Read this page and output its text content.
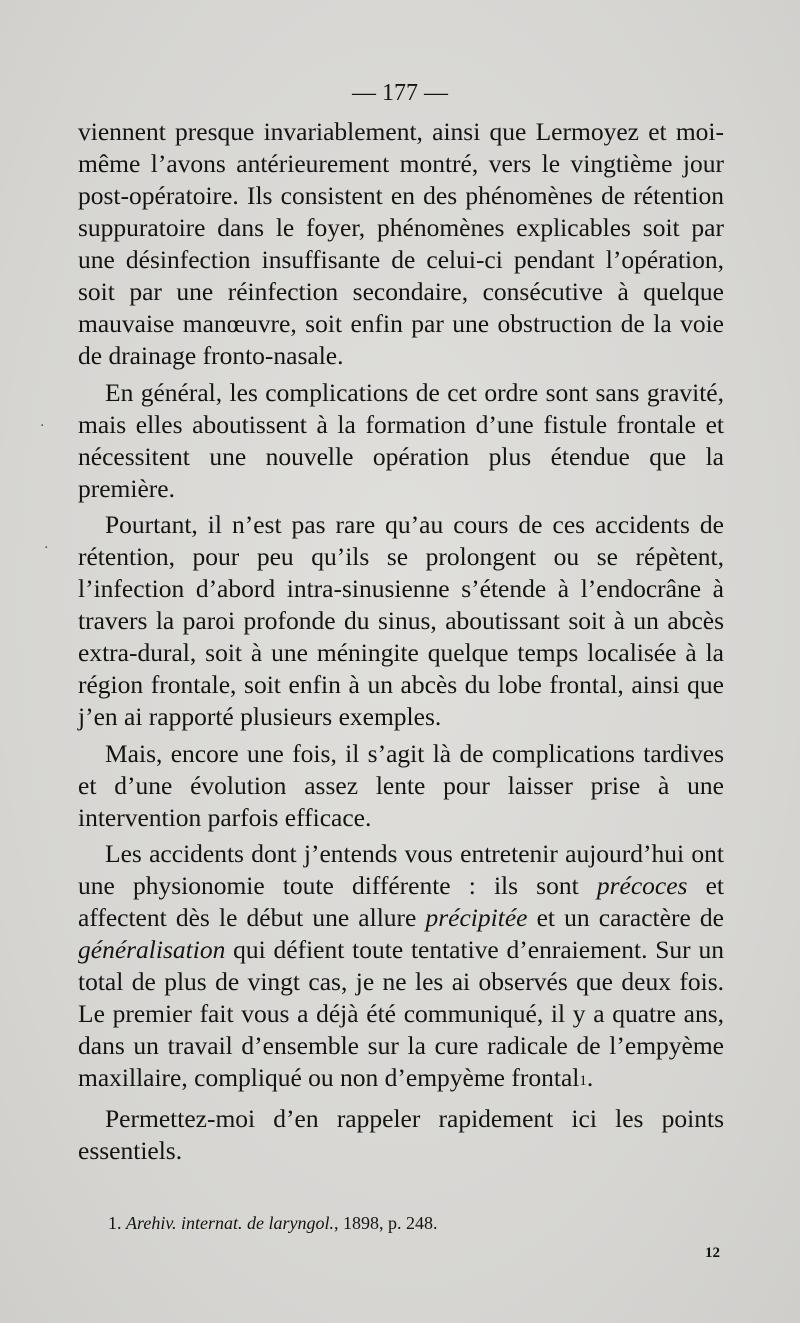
— 177 —

viennent presque invariablement, ainsi que Lermoyez et moi-même l’avons antérieurement montré, vers le vingtième jour post-opératoire. Ils consistent en des phénomènes de rétention suppuratoire dans le foyer, phénomènes explicables soit par une désinfection insuffisante de celui-ci pendant l’opération, soit par une réinfection secondaire, consécutive à quelque mauvaise manœuvre, soit enfin par une obstruction de la voie de drainage fronto-nasale.

En général, les complications de cet ordre sont sans gravité, mais elles aboutissent à la formation d’une fistule frontale et nécessitent une nouvelle opération plus étendue que la première.

Pourtant, il n’est pas rare qu’au cours de ces accidents de rétention, pour peu qu’ils se prolongent ou se répètent, l’infection d’abord intra-sinusienne s’étende à l’endocrâne à travers la paroi profonde du sinus, aboutissant soit à un abcès extra-dural, soit à une méningite quelque temps localisée à la région frontale, soit enfin à un abcès du lobe frontal, ainsi que j’en ai rapporté plusieurs exemples.

Mais, encore une fois, il s’agit là de complications tardives et d’une évolution assez lente pour laisser prise à une intervention parfois efficace.

Les accidents dont j’entends vous entretenir aujourd’hui ont une physionomie toute différente : ils sont précoces et affectent dès le début une allure précipitée et un caractère de généralisation qui défient toute tentative d’enraiement. Sur un total de plus de vingt cas, je ne les ai observés que deux fois. Le premier fait vous a déjà été communiqué, il y a quatre ans, dans un travail d’ensemble sur la cure radicale de l’empyème maxillaire, compliqué ou non d’empyème frontal$^1$.

Permettez-moi d’en rappeler rapidement ici les points essentiels.

1. Arehiv. internat. de laryngol., 1898, p. 248.
12
·
·
